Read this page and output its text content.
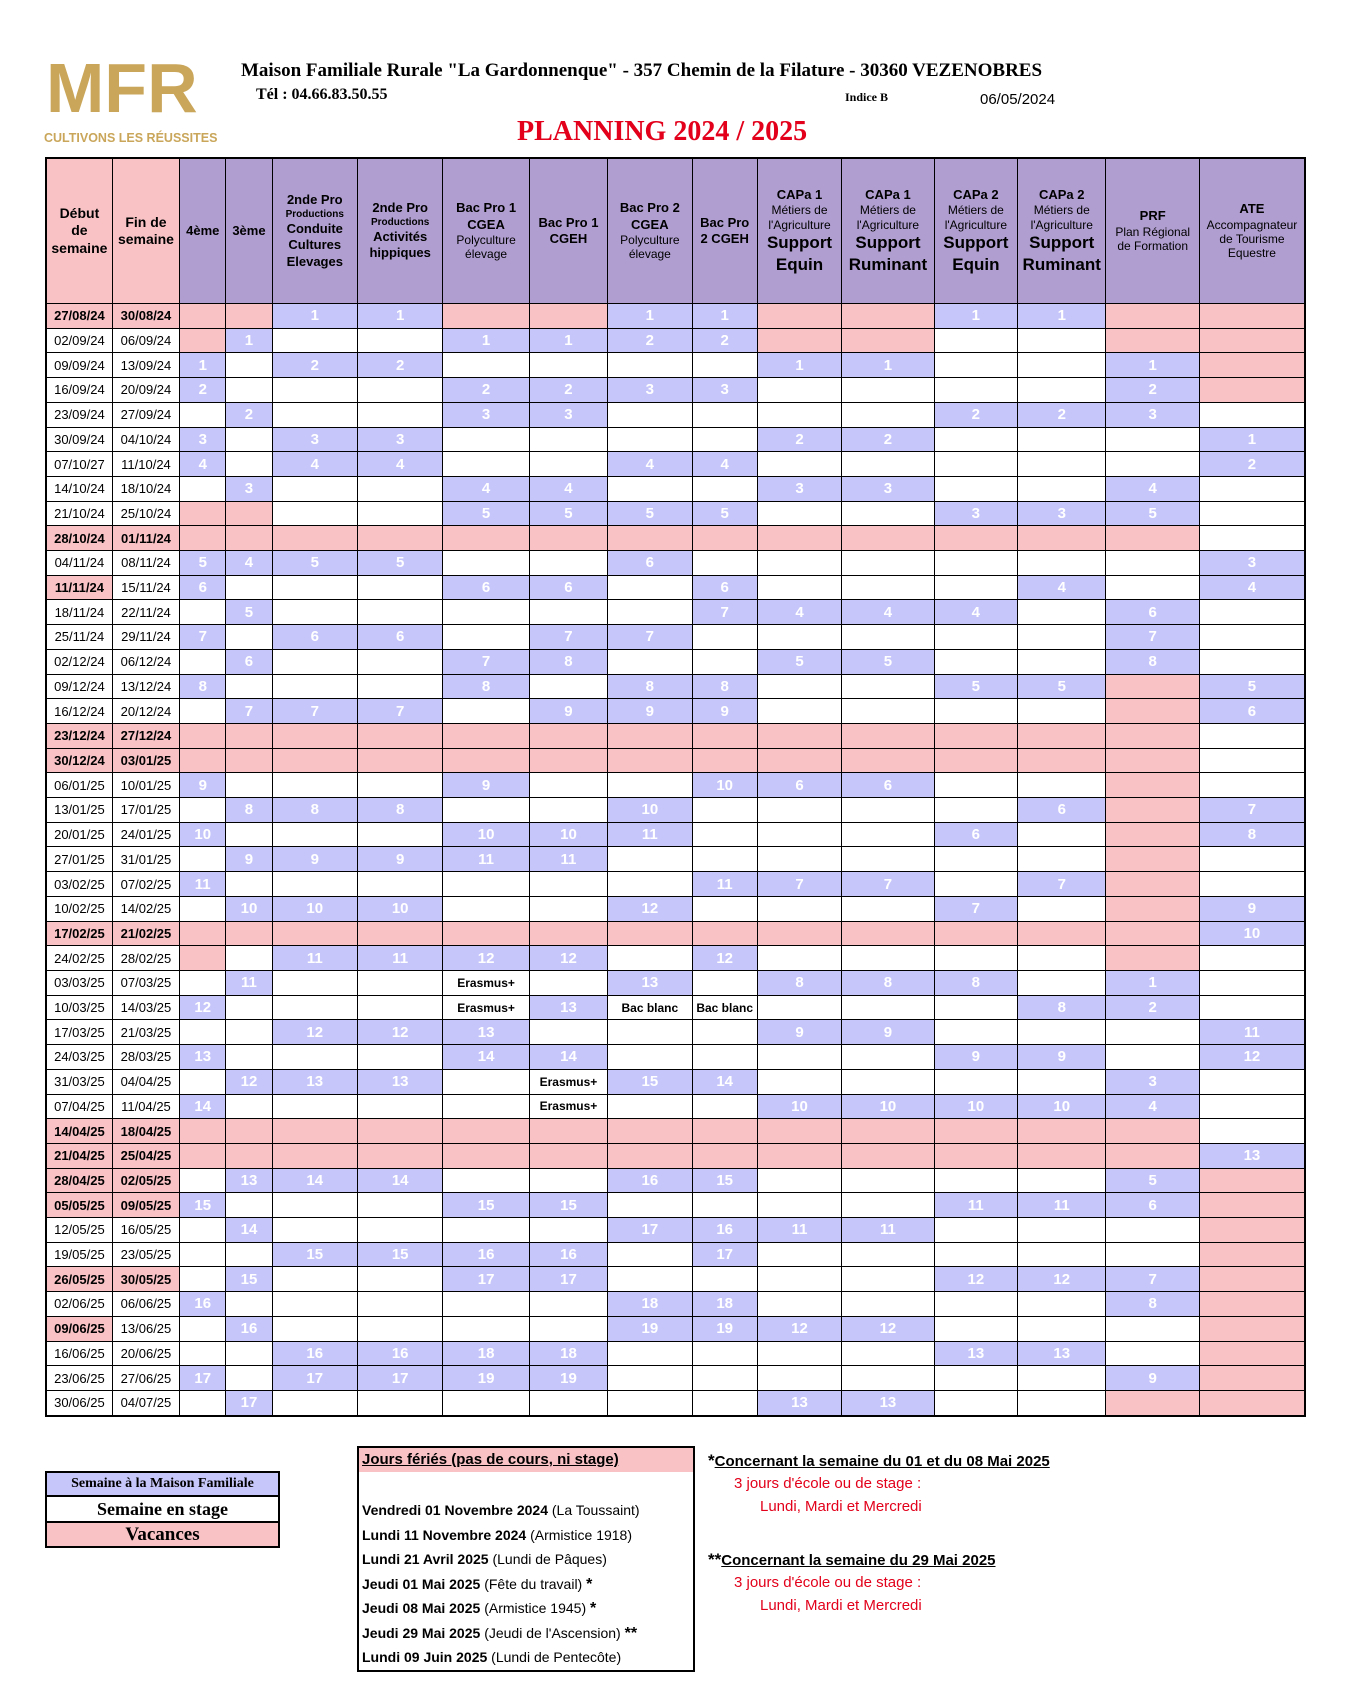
MFR
CULTIVONS LES RÉUSSITES
Maison Familiale Rurale "La Gardonnenque" - 357 Chemin de la Filature - 30360 VEZENOBRES
Tél : 04.66.83.50.55	Indice B	06/05/2024
PLANNING 2024 / 2025
Début
de
semaine	Fin de
semaine	4ème	3ème	2nde Pro
Productions
Conduite
Cultures
Elevages	2nde Pro
Productions
Activités
hippiques	Bac Pro 1
CGEA
Polyculture
élevage	Bac Pro 1
CGEH	Bac Pro 2
CGEA
Polyculture
élevage	Bac Pro
2 CGEH	CAPa 1
Métiers de
l'Agriculture
Support
Equin	CAPa 1
Métiers de
l'Agriculture
Support
Ruminant	CAPa 2
Métiers de
l'Agriculture
Support
Equin	CAPa 2
Métiers de
l'Agriculture
Support
Ruminant	PRF
Plan Régional
de Formation	ATE
Accompagnateur
de Tourisme
Equestre

27/08/24	30/08/24			1	1			1	1			1	1		
02/09/24	06/09/24		1			1	1	2	2						
09/09/24	13/09/24	1		2	2					1	1			1	
16/09/24	20/09/24	2				2	2	3	3					2	
23/09/24	27/09/24		2			3	3					2	2	3	
30/09/24	04/10/24	3		3	3					2	2				1
07/10/27	11/10/24	4		4	4			4	4						2
14/10/24	18/10/24		3			4	4			3	3			4	
21/10/24	25/10/24					5	5	5	5			3	3	5	
28/10/24	01/11/24														
04/11/24	08/11/24	5	4	5	5			6							3
11/11/24	15/11/24	6				6	6		6				4		4
18/11/24	22/11/24		5						7	4	4	4		6	
25/11/24	29/11/24	7		6	6		7	7						7	
02/12/24	06/12/24		6			7	8			5	5			8	
09/12/24	13/12/24	8				8		8	8			5	5		5
16/12/24	20/12/24		7	7	7		9	9	9						6
23/12/24	27/12/24														
30/12/24	03/01/25														
06/01/25	10/01/25	9				9			10	6	6				
13/01/25	17/01/25		8	8	8			10					6		7
20/01/25	24/01/25	10				10	10	11				6			8
27/01/25	31/01/25		9	9	9	11	11								
03/02/25	07/02/25	11							11	7	7		7		
10/02/25	14/02/25		10	10	10			12				7			9
17/02/25	21/02/25														10
24/02/25	28/02/25			11	11	12	12		12						
03/03/25	07/03/25		11			Erasmus+		13		8	8	8		1	
10/03/25	14/03/25	12				Erasmus+	13	Bac blanc	Bac blanc				8	2	
17/03/25	21/03/25			12	12	13				9	9				11
24/03/25	28/03/25	13				14	14					9	9		12
31/03/25	04/04/25		12	13	13		Erasmus+	15	14					3	
07/04/25	11/04/25	14					Erasmus+			10	10	10	10	4	
14/04/25	18/04/25														
21/04/25	25/04/25														13
28/04/25	02/05/25		13	14	14			16	15					5	
05/05/25	09/05/25	15				15	15					11	11	6	
12/05/25	16/05/25		14					17	16	11	11				
19/05/25	23/05/25			15	15	16	16		17						
26/05/25	30/05/25		15			17	17					12	12	7	
02/06/25	06/06/25	16						18	18					8	
09/06/25	13/06/25		16					19	19	12	12				
16/06/25	20/06/25			16	16	18	18					13	13		
23/06/25	27/06/25	17		17	17	19	19							9	
30/06/25	04/07/25		17							13	13				
Semaine à la Maison Familiale
Semaine en stage
Vacances
Jours fériés (pas de cours, ni stage)
Vendredi 01 Novembre 2024 (La Toussaint)
Lundi 11 Novembre 2024 (Armistice 1918)
Lundi 21 Avril 2025 (Lundi de Pâques)
Jeudi 01 Mai 2025 (Fête du travail) *
Jeudi 08 Mai 2025 (Armistice 1945) *
Jeudi 29 Mai 2025 (Jeudi de l'Ascension) **
Lundi 09 Juin 2025 (Lundi de Pentecôte)
*Concernant la semaine du 01 et du 08 Mai 2025
3 jours d'école ou de stage :
Lundi, Mardi et Mercredi
**Concernant la semaine du 29 Mai 2025
3 jours d'école ou de stage :
Lundi, Mardi et Mercredi
